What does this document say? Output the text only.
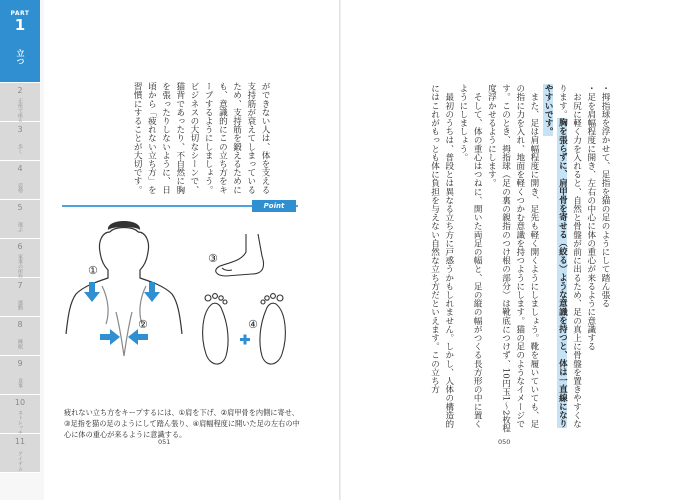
PART
1
立つ
2
正座で座る
3
歩く
4
姿勢
5
運ぶ
6
家事の所作
7
運動
8
睡眠
9
食事
10
ストレッチ
11
アイテム

ができない人は、体を支える支持筋が衰えてしまっているため、支持筋を鍛えるためにも、意識的にこの立ち方をキープするようにしましょう。

ビジネスの大切なシーンで、猫背であったり、不自然に胸を張ったりしないように、日頃から「疲れない立ち方」を習慣にすることが大切です。

Point
①
②
③
④
疲れない立ち方をキープするには、①肩を下げ、②肩甲骨を内側に寄せ、③足指を猫の足のようにして踏ん張り、④肩幅程度に開いた足の左右の中心に体の重心が来るように意識する。
051

・拇指球を浮かせて、足指を猫の足のようにして踏ん張る

・足を肩幅程度に開き、左右の中心に体の重心が来るように意識する

　お尻に軽く力を入れると、自然と骨盤が前に出るため、足の真上に骨盤を置きやすくなります。胸を張らずに、肩甲骨を寄せる（絞る）ような意識を持つと、体は一直線になりやすいです。

　また、足は肩幅程度に開き、足先も軽く開くようにしましょう。靴を履いていても、足の指に力を入れ、地面を軽くつかむ意識を持つようにします。猫の足のようなイメージです。このとき、拇指球（足の裏の親指のつけ根の部分）は靴底につけず、10円玉1〜2枚程度浮かせるようにします。

　そして、体の重心はつねに、開いた両足の幅と、足の縦の幅がつくる長方形の中に置くようにしましょう。

　最初のうちは、普段とは異なる立ち方に戸惑うかもしれません。しかし、人体の構造的にはこれがもっとも体に負担を与えない自然な立ち方だといえます。この立ち方

050
